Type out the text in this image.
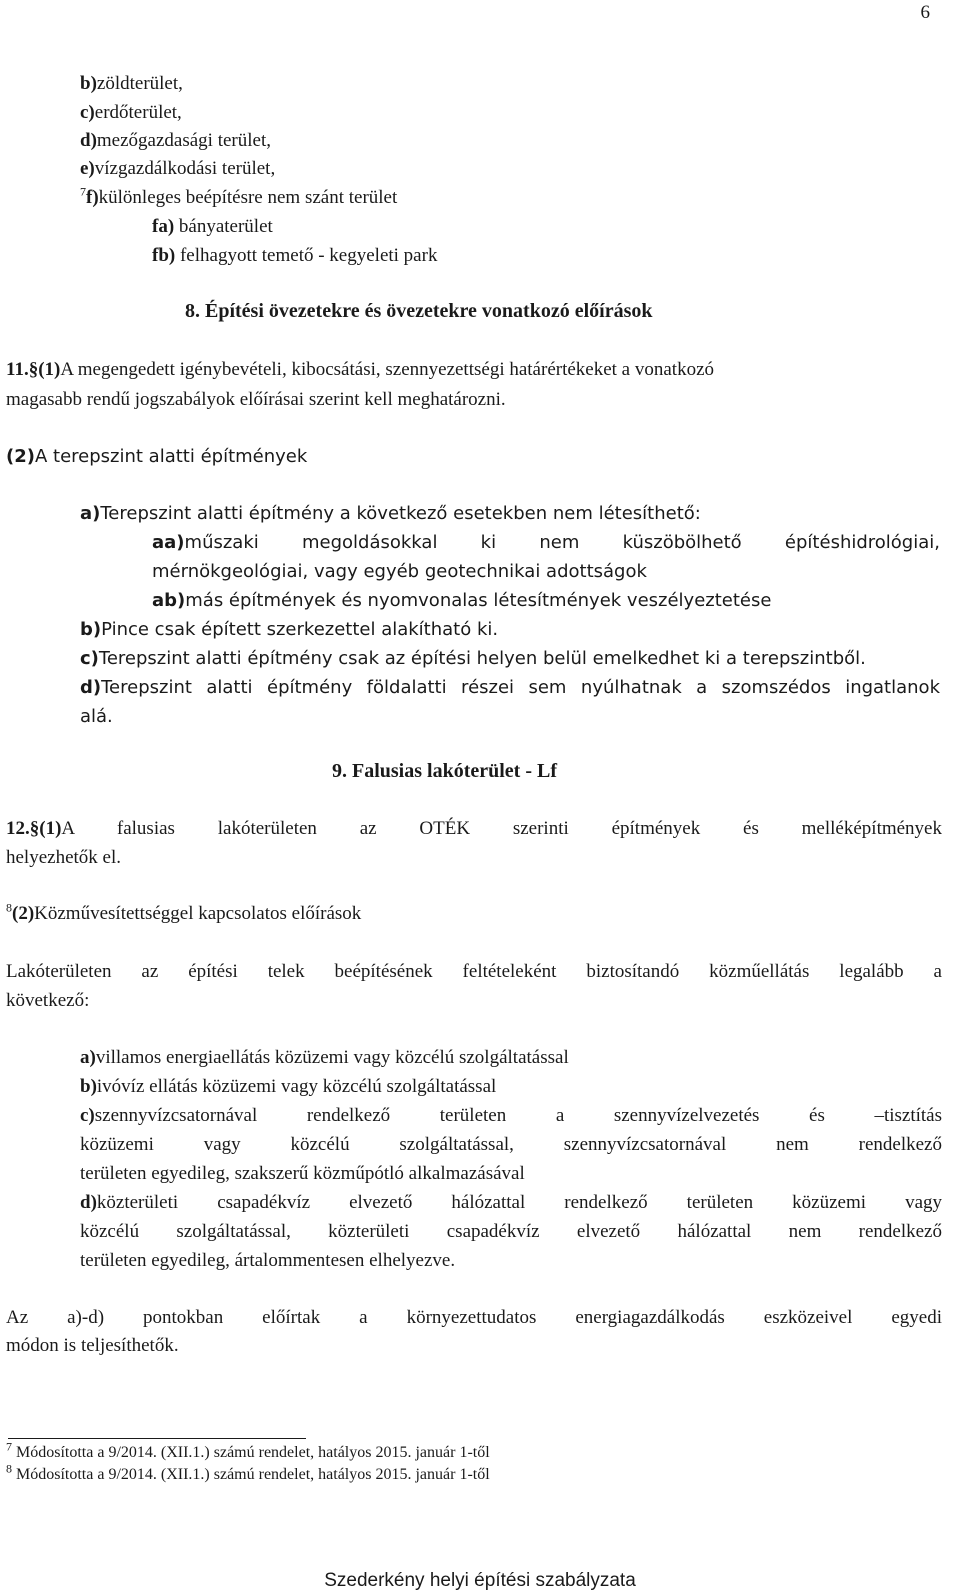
6
b)zöldterület,
c)erdőterület,
d)mezőgazdasági terület,
e)vízgazdálkodási terület,
$^7$f)különleges beépítésre nem szánt terület
fa) bányaterület
fb) felhagyott temető - kegyeleti park
8. Építési övezetekre és övezetekre vonatkozó előírások
11.§(1)A megengedett igénybevételi, kibocsátási, szennyezettségi határértékeket a vonatkozó
magasabb rendű jogszabályok előírásai szerint kell meghatározni.
(2)A terepszint alatti építmények
a)Terepszint alatti építmény a következő esetekben nem létesíthető:
aa)műszaki megoldásokkal ki nem küszöbölhető építéshidrológiai,
mérnökgeológiai, vagy egyéb geotechnikai adottságok
ab)más építmények és nyomvonalas létesítmények veszélyeztetése
b)Pince csak épített szerkezettel alakítható ki.
c)Terepszint alatti építmény csak az építési helyen belül emelkedhet ki a terepszintből.
d)Terepszint alatti építmény földalatti részei sem nyúlhatnak a szomszédos ingatlanok
alá.
9. Falusias lakóterület - Lf
12.§(1)A falusias lakóterületen az OTÉK szerinti építmények és melléképítmények
helyezhetők el.
$^8$(2)Közművesítettséggel kapcsolatos előírások
Lakóterületen az építési telek beépítésének feltételeként biztosítandó közműellátás legalább a
következő:
a)villamos energiaellátás közüzemi vagy közcélú szolgáltatással
b)ivóvíz ellátás közüzemi vagy közcélú szolgáltatással
c)szennyvízcsatornával rendelkező területen a szennyvízelvezetés és –tisztítás
közüzemi vagy közcélú szolgáltatással, szennyvízcsatornával nem rendelkező
területen egyedileg, szakszerű közműpótló alkalmazásával
d)közterületi csapadékvíz elvezető hálózattal rendelkező területen közüzemi vagy
közcélú szolgáltatással, közterületi csapadékvíz elvezető hálózattal nem rendelkező
területen egyedileg, ártalommentesen elhelyezve.
Az a)-d) pontokban előírtak a környezettudatos energiagazdálkodás eszközeivel egyedi
módon is teljesíthetők.
$^7$ Módosította a 9/2014. (XII.1.) számú rendelet, hatályos 2015. január 1-től
$^8$ Módosította a 9/2014. (XII.1.) számú rendelet, hatályos 2015. január 1-től
Szederkény helyi építési szabályzata
